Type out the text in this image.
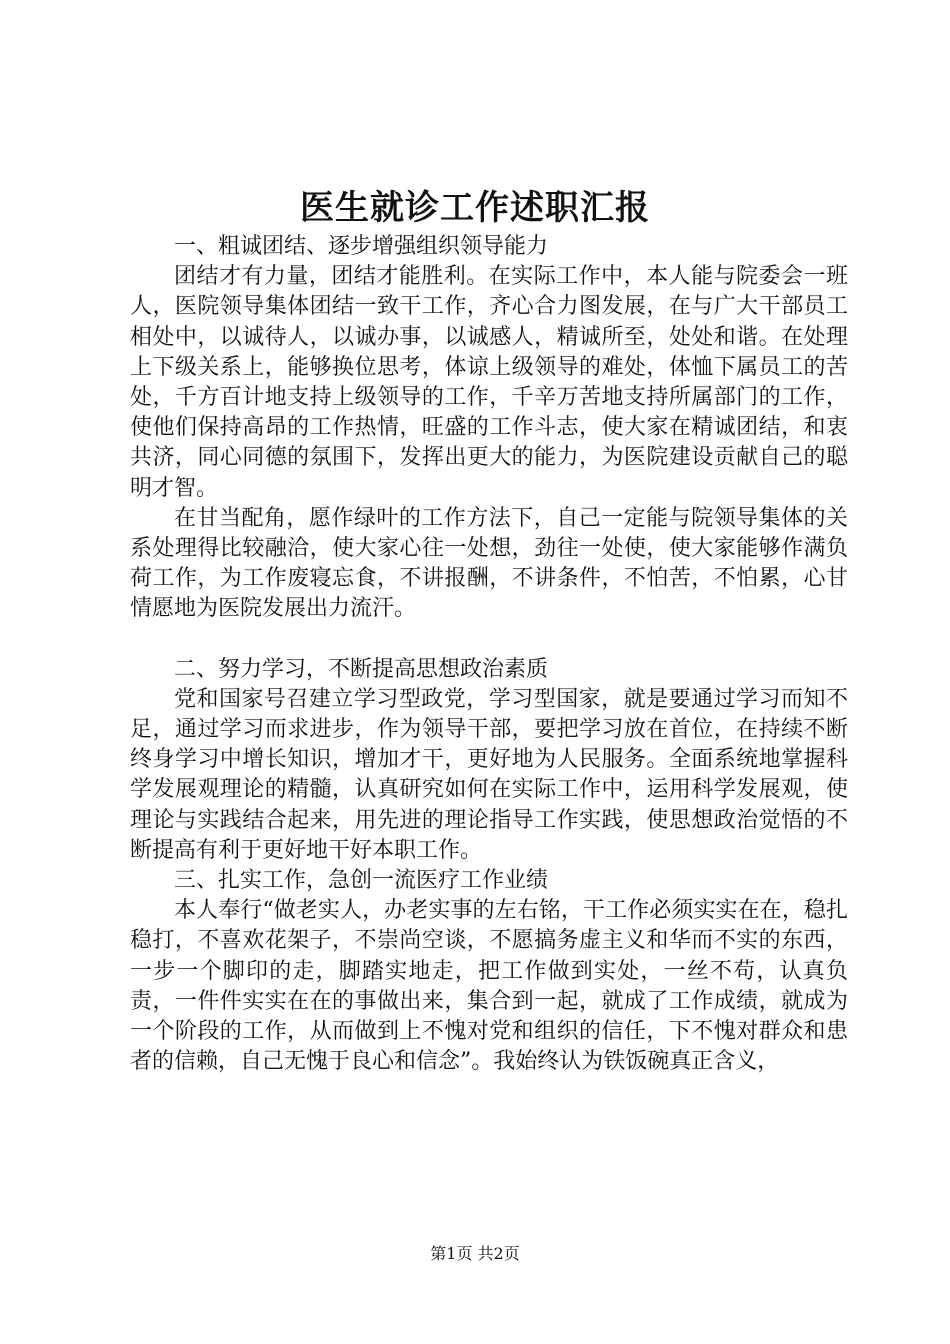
医生就诊工作述职汇报

一、粗诚团结、逐步增强组织领导能力

团结才有力量，团结才能胜利。在实际工作中，本人能与院委会一班人，医院领导集体团结一致干工作，齐心合力图发展，在与广大干部员工相处中，以诚待人，以诚办事，以诚感人，精诚所至，处处和谐。在处理上下级关系上，能够换位思考，体谅上级领导的难处，体恤下属员工的苦处，千方百计地支持上级领导的工作，千辛万苦地支持所属部门的工作，使他们保持高昂的工作热情，旺盛的工作斗志，使大家在精诚团结，和衷共济，同心同德的氛围下，发挥出更大的能力，为医院建设贡献自己的聪明才智。

在甘当配角，愿作绿叶的工作方法下，自己一定能与院领导集体的关系处理得比较融洽，使大家心往一处想，劲往一处使，使大家能够作满负荷工作，为工作废寝忘食，不讲报酬，不讲条件，不怕苦，不怕累，心甘情愿地为医院发展出力流汗。

二、努力学习，不断提高思想政治素质

党和国家号召建立学习型政党，学习型国家，就是要通过学习而知不足，通过学习而求进步，作为领导干部，要把学习放在首位，在持续不断终身学习中增长知识，增加才干，更好地为人民服务。全面系统地掌握科学发展观理论的精髓，认真研究如何在实际工作中，运用科学发展观，使理论与实践结合起来，用先进的理论指导工作实践，使思想政治觉悟的不断提高有利于更好地干好本职工作。

三、扎实工作，急创一流医疗工作业绩

本人奉行“做老实人，办老实事的左右铭，干工作必须实实在在，稳扎稳打，不喜欢花架子，不崇尚空谈，不愿搞务虚主义和华而不实的东西，一步一个脚印的走，脚踏实地走，把工作做到实处，一丝不苟，认真负责，一件件实实在在的事做出来，集合到一起，就成了工作成绩，就成为一个阶段的工作，从而做到上不愧对党和组织的信任，下不愧对群众和患者的信赖，自己无愧于良心和信念”。我始终认为铁饭碗真正含义，

第1页 共2页
